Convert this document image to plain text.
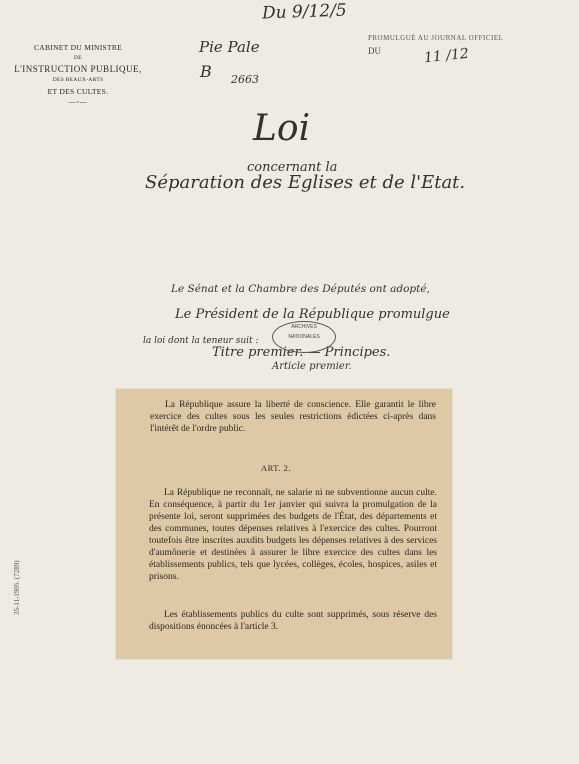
Du 9/12/5
CABINET DU MINISTRE
DE
L'INSTRUCTION PUBLIQUE,
DES BEAUX-ARTS
ET DES CULTES.
—◦—
Pie Pale
B 2663
PROMULGUÉ AU JOURNAL OFFICIEL
DU	11 /12
Loi
concernant la
Séparation des Eglises et de l'Etat.
Le Sénat et la Chambre des Députés ont adopté,
Le Président de la République promulgue
la loi dont la teneur suit :
Titre premier. — Principes.
Article premier.
ARCHIVES
NATIONALES
35-11-1905. (7289)
La République assure la liberté de conscience. Elle garantit le libre exercice des cultes sous les seules restrictions édictées ci-après dans l'intérêt de l'ordre public.
ART. 2.
La République ne reconnaît, ne salarie ni ne subventionne aucun culte. En conséquence, à partir du 1er janvier qui suivra la promulgation de la présente loi, seront supprimées des budgets de l'État, des départements et des communes, toutes dépenses relatives à l'exercice des cultes. Pourront toutefois être inscrites auxdits budgets les dépenses relatives à des services d'aumônerie et destinées à assurer le libre exercice des cultes dans les établissements publics, tels que lycées, collèges, écoles, hospices, asiles et prisons.
Les établissements publics du culte sont supprimés, sous réserve des dispositions énoncées à l'article 3.
